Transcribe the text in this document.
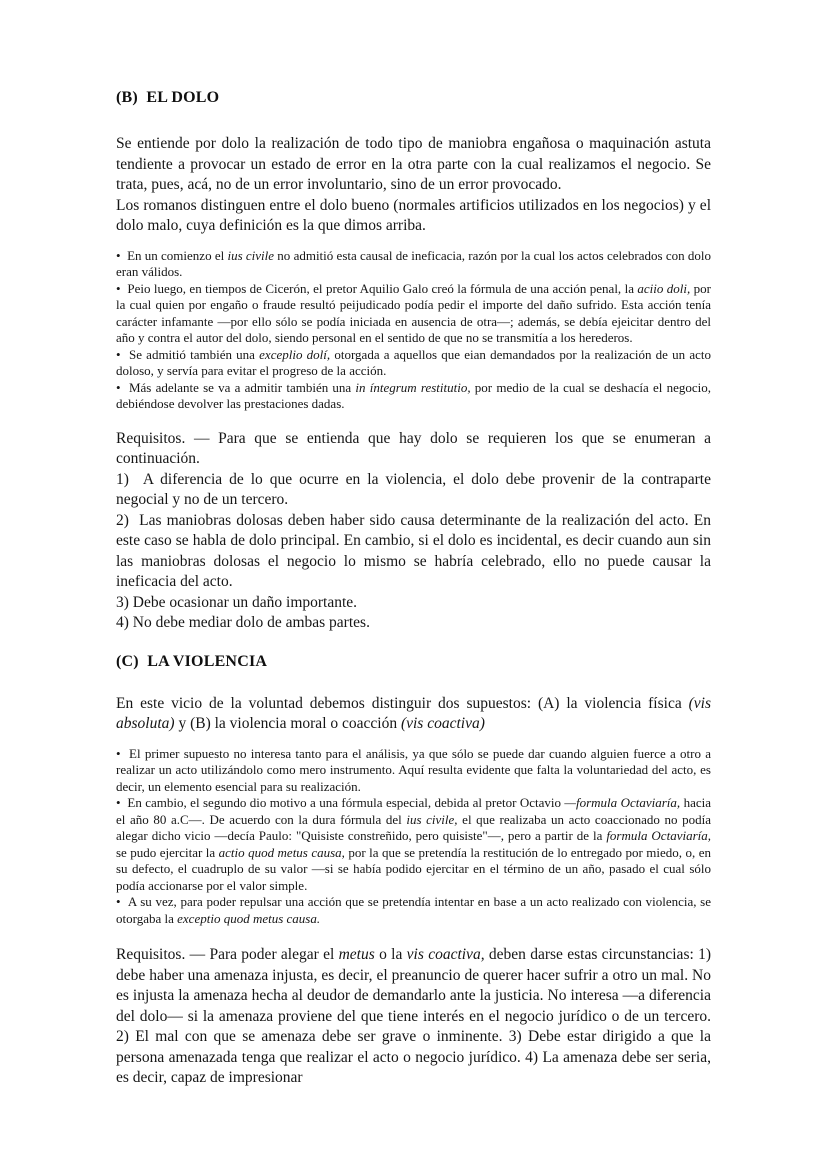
(B)  EL DOLO

Se entiende por dolo la realización de todo tipo de maniobra engañosa o maquinación astuta tendiente a provocar un estado de error en la otra parte con la cual realizamos el negocio. Se trata, pues, acá, no de un error involuntario, sino de un error provocado.

Los romanos distinguen entre el dolo bueno (normales artificios utilizados en los negocios) y el dolo malo, cuya definición es la que dimos arriba.

•  En un comienzo el ius civile no admitió esta causal de ineficacia, razón por la cual los actos celebrados con dolo eran válidos.

•  Peio luego, en tiempos de Cicerón, el pretor Aquilio Galo creó la fórmula de una acción penal, la aciio doli, por la cual quien por engaño o fraude resultó peijudicado podía pedir el importe del daño sufrido. Esta acción tenía carácter infamante —por ello sólo se podía iniciada en ausencia de otra—; además, se debía ejeicitar dentro del año y contra el autor del dolo, siendo personal en el sentido de que no se transmitía a los herederos.

•  Se admitió también una exceplio dolí, otorgada a aquellos que eian demandados por la realización de un acto doloso, y servía para evitar el progreso de la acción.

•  Más adelante se va a admitir también una in íntegrum restitutio, por medio de la cual se deshacía el negocio, debiéndose devolver las prestaciones dadas.

Requisitos. — Para que se entienda que hay dolo se requieren los que se enumeran a continuación.

1)  A diferencia de lo que ocurre en la violencia, el dolo debe provenir de la contraparte negocial y no de un tercero.

2)  Las maniobras dolosas deben haber sido causa determinante de la realización del acto. En este caso se habla de dolo principal. En cambio, si el dolo es incidental, es decir cuando aun sin las maniobras dolosas el negocio lo mismo se habría celebrado, ello no puede causar la ineficacia del acto.

3) Debe ocasionar un daño importante.

4) No debe mediar dolo de ambas partes.

(C)  LA VIOLENCIA

En este vicio de la voluntad debemos distinguir dos supuestos: (A) la violencia física (vis absoluta) y (B) la violencia moral o coacción (vis coactiva)

•  El primer supuesto no interesa tanto para el análisis, ya que sólo se puede dar cuando alguien fuerce a otro a realizar un acto utilizándolo como mero instrumento. Aquí resulta evidente que falta la voluntariedad del acto, es decir, un elemento esencial para su realización.

•  En cambio, el segundo dio motivo a una fórmula especial, debida al pretor Octavio —formula Octaviaría, hacia el año 80 a.C—. De acuerdo con la dura fórmula del ius civile, el que realizaba un acto coaccionado no podía alegar dicho vicio —decía Paulo: "Quisiste constreñido, pero quisiste"—, pero a partir de la formula Octaviaría, se pudo ejercitar la actio quod metus causa, por la que se pretendía la restitución de lo entregado por miedo, o, en su defecto, el cuadruplo de su valor —si se había podido ejercitar en el término de un año, pasado el cual sólo podía accionarse por el valor simple.

•  A su vez, para poder repulsar una acción que se pretendía intentar en base a un acto realizado con violencia, se otorgaba la exceptio quod metus causa.

Requisitos. — Para poder alegar el metus o la vis coactiva, deben darse estas circunstancias: 1) debe haber una amenaza injusta, es decir, el preanuncio de querer hacer sufrir a otro un mal. No es injusta la amenaza hecha al deudor de demandarlo ante la justicia. No interesa —a diferencia del dolo— si la amenaza proviene del que tiene interés en el negocio jurídico o de un tercero. 2) El mal con que se amenaza debe ser grave o inminente. 3) Debe estar dirigido a que la persona amenazada tenga que realizar el acto o negocio jurídico. 4) La amenaza debe ser seria, es decir, capaz de impresionar
